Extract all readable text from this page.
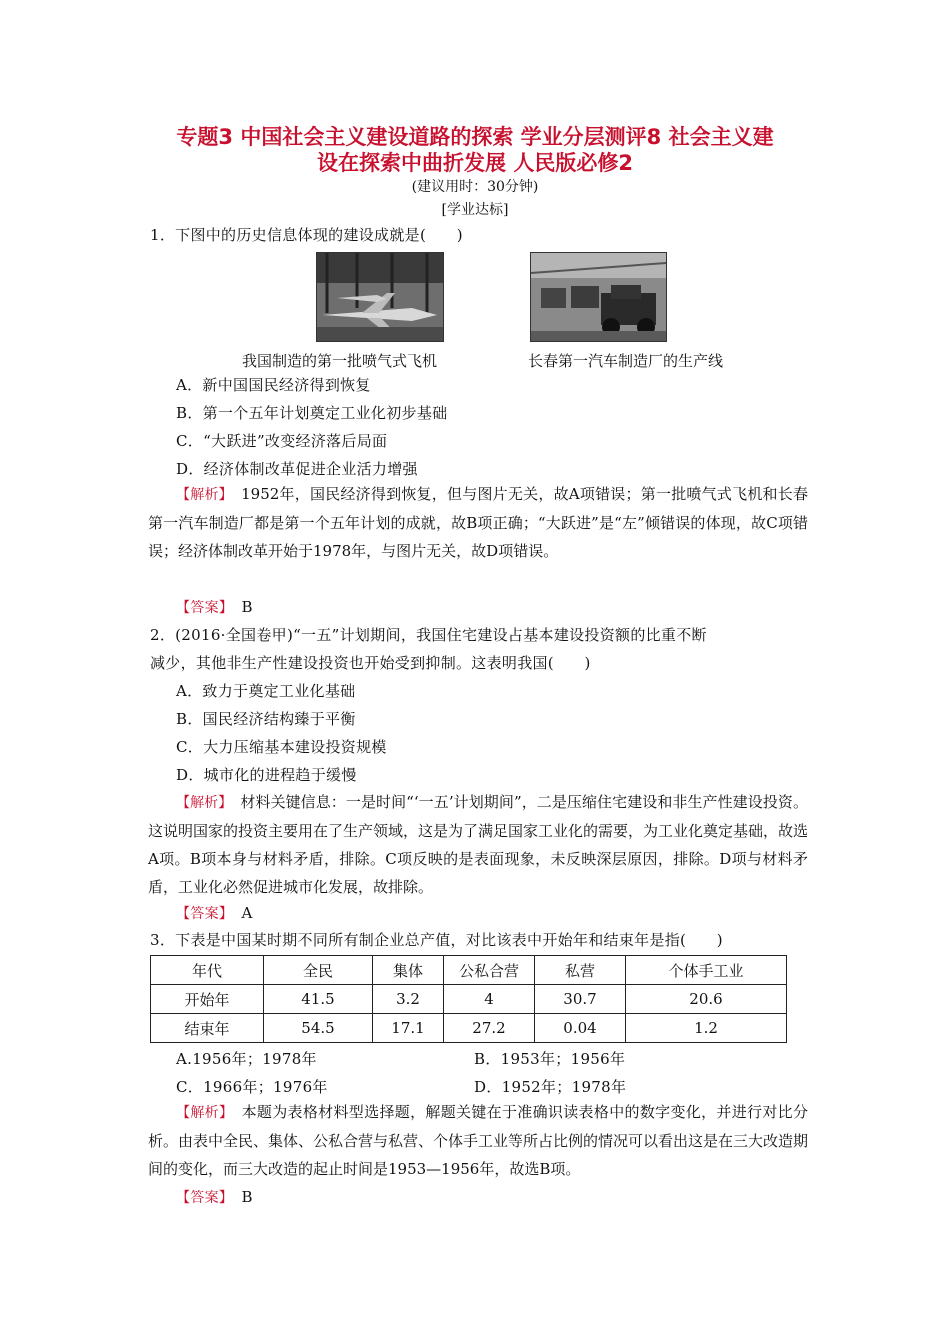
专题3 中国社会主义建设道路的探索 学业分层测评8 社会主义建
设在探索中曲折发展 人民版必修2
(建议用时：30分钟)
[学业达标]
1．下图中的历史信息体现的建设成就是(　　)
我国制造的第一批喷气式飞机	长春第一汽车制造厂的生产线
A．新中国国民经济得到恢复
B．第一个五年计划奠定工业化初步基础
C．“大跃进”改变经济落后局面
D．经济体制改革促进企业活力增强
【解析】　 1952年，国民经济得到恢复，但与图片无关，故A项错误；第一批喷气式飞机和长春第一汽车制造厂都是第一个五年计划的成就，故B项正确；“大跃进”是“左”倾错误的体现，故C项错误；经济体制改革开始于1978年，与图片无关，故D项错误。
【答案】　 B
2．(2016·全国卷甲)“一五”计划期间，我国住宅建设占基本建设投资额的比重不断
减少，其他非生产性建设投资也开始受到抑制。这表明我国(　　)
A．致力于奠定工业化基础
B．国民经济结构臻于平衡
C．大力压缩基本建设投资规模
D．城市化的进程趋于缓慢
【解析】　 材料关键信息：一是时间“‘一五’计划期间”，二是压缩住宅建设和非生产性建设投资。这说明国家的投资主要用在了生产领域，这是为了满足国家工业化的需要，为工业化奠定基础，故选A项。B项本身与材料矛盾，排除。C项反映的是表面现象，未反映深层原因，排除。D项与材料矛盾，工业化必然促进城市化发展，故排除。
【答案】　 A
3．下表是中国某时期不同所有制企业总产值，对比该表中开始年和结束年是指(　　)
年代	全民	集体	公私合营	私营	个体手工业
开始年	41.5	3.2	4	30.7	20.6
结束年	54.5	17.1	27.2	0.04	1.2
A.1956年；1978年	B．1953年；1956年
C．1966年；1976年	D．1952年；1978年
【解析】　 本题为表格材料型选择题，解题关键在于准确识读表格中的数字变化，并进行对比分析。由表中全民、集体、公私合营与私营、个体手工业等所占比例的情况可以看出这是在三大改造期间的变化，而三大改造的起止时间是1953—1956年，故选B项。
【答案】　 B
